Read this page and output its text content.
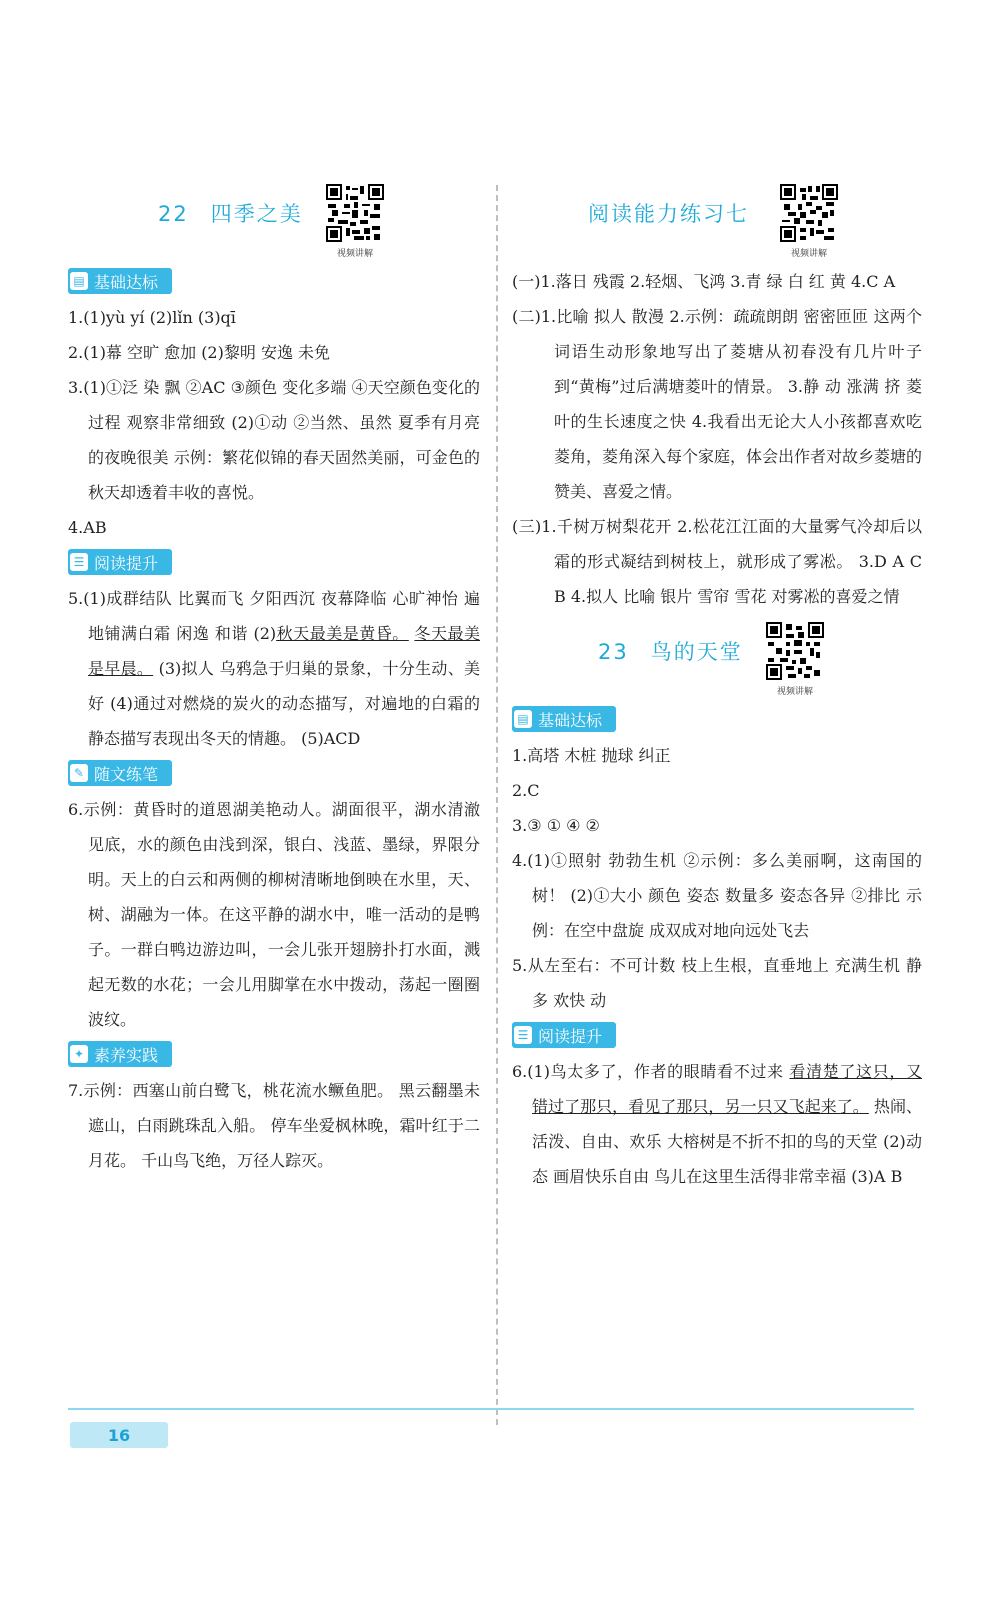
22 四季之美
视频讲解
▤ 基础达标

1.(1)yù yí (2)lǐn (3)qī

2.(1)幕 空旷 愈加 (2)黎明 安逸 未免

3.(1)①泛 染 飘 ②AC ③颜色 变化多端 ④天空颜色变化的过程 观察非常细致 (2)①动 ②当然、虽然 夏季有月亮的夜晚很美 示例：繁花似锦的春天固然美丽，可金色的秋天却透着丰收的喜悦。

4.AB

☰ 阅读提升

5.(1)成群结队 比翼而飞 夕阳西沉 夜幕降临 心旷神怡 遍地铺满白霜 闲逸 和谐 (2)秋天最美是黄昏。 冬天最美是早晨。 (3)拟人 乌鸦急于归巢的景象，十分生动、美好 (4)通过对燃烧的炭火的动态描写，对遍地的白霜的静态描写表现出冬天的情趣。 (5)ACD

✎ 随文练笔

6.示例：黄昏时的道恩湖美艳动人。湖面很平，湖水清澈见底，水的颜色由浅到深，银白、浅蓝、墨绿，界限分明。天上的白云和两侧的柳树清晰地倒映在水里，天、树、湖融为一体。在这平静的湖水中，唯一活动的是鸭子。一群白鸭边游边叫，一会儿张开翅膀扑打水面，溅起无数的水花；一会儿用脚掌在水中拨动，荡起一圈圈波纹。

✦ 素养实践

7.示例：西塞山前白鹭飞，桃花流水鳜鱼肥。 黑云翻墨未遮山，白雨跳珠乱入船。 停车坐爱枫林晚，霜叶红于二月花。 千山鸟飞绝，万径人踪灭。

阅读能力练习七
视频讲解

(一)1.落日 残霞 2.轻烟、飞鸿 3.青 绿 白 红 黄 4.C A

(二)1.比喻 拟人 散漫 2.示例：疏疏朗朗 密密匝匝 这两个词语生动形象地写出了菱塘从初春没有几片叶子到“黄梅”过后满塘菱叶的情景。 3.静 动 涨满 挤 菱叶的生长速度之快 4.我看出无论大人小孩都喜欢吃菱角，菱角深入每个家庭，体会出作者对故乡菱塘的赞美、喜爱之情。

(三)1.千树万树梨花开 2.松花江江面的大量雾气冷却后以霜的形式凝结到树枝上，就形成了雾凇。 3.D A C B 4.拟人 比喻 银片 雪帘 雪花 对雾凇的喜爱之情

23 鸟的天堂
视频讲解
▤ 基础达标

1.高塔 木桩 抛球 纠正

2.C

3.③ ① ④ ②

4.(1)①照射 勃勃生机 ②示例：多么美丽啊，这南国的树！ (2)①大小 颜色 姿态 数量多 姿态各异 ②排比 示例：在空中盘旋 成双成对地向远处飞去

5.从左至右：不可计数 枝上生根，直垂地上 充满生机 静 多 欢快 动

☰ 阅读提升

6.(1)鸟太多了，作者的眼睛看不过来 看清楚了这只，又错过了那只，看见了那只，另一只又飞起来了。 热闹、活泼、自由、欢乐 大榕树是不折不扣的鸟的天堂 (2)动态 画眉快乐自由 鸟儿在这里生活得非常幸福 (3)A B

16
